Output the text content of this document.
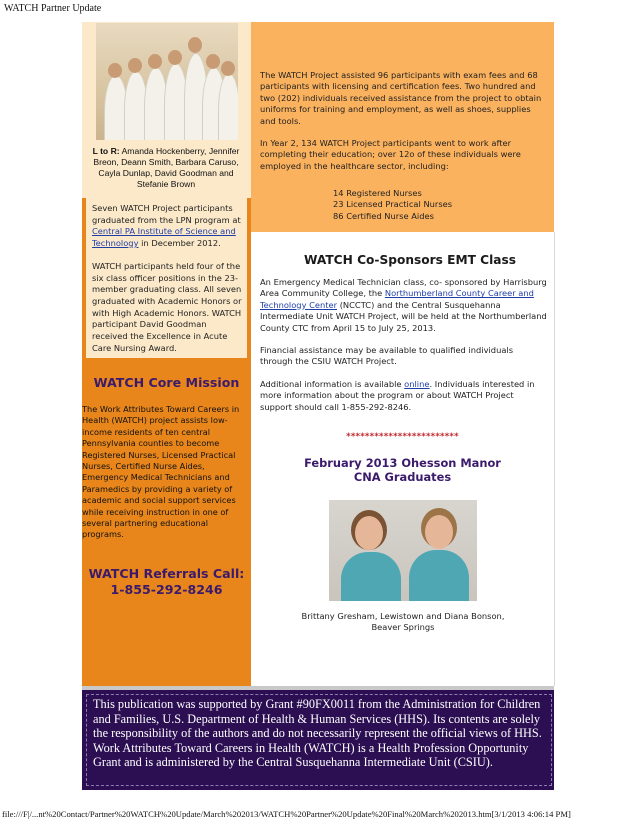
WATCH Partner Update
L to R: Amanda Hockenberry, Jennifer Breon, Deann Smith, Barbara Caruso, Cayla Dunlap, David Goodman and Stefanie Brown

Seven WATCH Project participants graduated from the LPN program at Central PA Institute of Science and Technology in December 2012.

WATCH participants held four of the six class officer positions in the 23-member graduating class. All seven graduated with Academic Honors or with High Academic Honors. WATCH participant David Goodman received the Excellence in Acute Care Nursing Award.

WATCH Core Mission
The Work Attributes Toward Careers in Health (WATCH) project assists low-income residents of ten central Pennsylvania counties to become Registered Nurses, Licensed Practical Nurses, Certified Nurse Aides, Emergency Medical Technicians and Paramedics by providing a variety of academic and social support services while receiving instruction in one of several partnering educational programs.
WATCH Referrals Call:
1-855-292-8246

The WATCH Project assisted 96 participants with exam fees and 68 participants with licensing and certification fees. Two hundred and two (202) individuals received assistance from the project to obtain uniforms for training and employment, as well as shoes, supplies and tools.

In Year 2, 134 WATCH Project participants went to work after completing their education; over 12o of these individuals were employed in the healthcare sector, including:

14 Registered Nurses
23 Licensed Practical Nurses
86 Certified Nurse Aides
WATCH Co-Sponsors EMT Class

An Emergency Medical Technician class, co- sponsored by Harrisburg Area Community College, the Northumberland County Career and Technology Center (NCCTC) and the Central Susquehanna Intermediate Unit WATCH Project, will be held at the Northumberland County CTC from April 15 to July 25, 2013.

Financial assistance may be available to qualified individuals through the CSIU WATCH Project.

Additional information is available online. Individuals interested in more information about the program or about WATCH Project support should call 1-855-292-8246.

************************
February 2013 Ohesson Manor
CNA Graduates
Brittany Gresham, Lewistown and Diana Bonson, Beaver Springs
This publication was supported by Grant #90FX0011 from the Administration for Children and Families, U.S. Department of Health & Human Services (HHS). Its contents are solely the responsibility of the authors and do not necessarily represent the official views of HHS. Work Attributes Toward Careers in Health (WATCH) is a Health Profession Opportunity Grant and is administered by the Central Susquehanna Intermediate Unit (CSIU).
file:///F|/...nt%20Contact/Partner%20WATCH%20Update/March%202013/WATCH%20Partner%20Update%20Final%20March%202013.htm[3/1/2013 4:06:14 PM]
